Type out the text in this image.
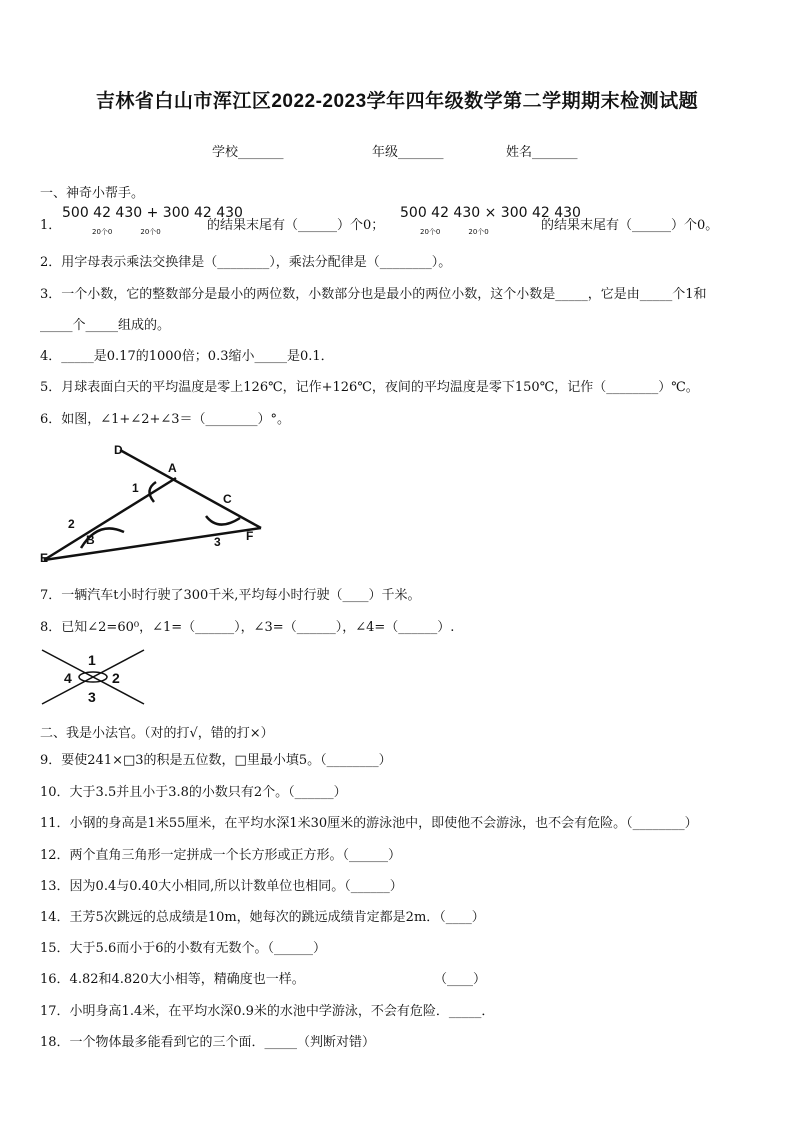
吉林省白山市浑江区2022-2023学年四年级数学第二学期期末检测试题
学校_______	年级_______	姓名_______
一、神奇小帮手。
1．
500 42 430 + 300 42 430
20个0　　　　20个0	的结果末尾有（______）个0；
500 42 430 × 300 42 430
20个0　　　　20个0	的结果末尾有（______）个0。
2．用字母表示乘法交换律是（________），乘法分配律是（________）。
3．一个小数，它的整数部分是最小的两位数，小数部分也是最小的两位小数，这个小数是_____，它是由_____个1和
_____个_____组成的。
4．_____是0.17的1000倍；0.3缩小_____是0.1．
5．月球表面白天的平均温度是零上126℃，记作+126℃，夜间的平均温度是零下150℃，记作（________）℃。
6．如图，∠1+∠2+∠3＝（________）°。
D
A
C
B
E
F
1
2
3
7．一辆汽车t小时行驶了300千米,平均每小时行驶（____）千米。
8．已知∠2=60⁰，∠1=（______），∠3=（______），∠4=（______）.
1
2
3
4
二、我是小法官。（对的打√，错的打×）
9．要使241×□3的积是五位数，□里最小填5。（________）
10．大于3.5并且小于3.8的小数只有2个。（______）
11．小钢的身高是1米55厘米，在平均水深1米30厘米的游泳池中，即使他不会游泳，也不会有危险。（________）
12．两个直角三角形一定拼成一个长方形或正方形。（______）
13．因为0.4与0.40大小相同,所以计数单位也相同。（______）
14．王芳5次跳远的总成绩是10m，她每次的跳远成绩肯定都是2m．（____）
15．大于5.6而小于6的小数有无数个。（______）
16．4.82和4.820大小相等，精确度也一样。	（____）
17．小明身高1.4米，在平均水深0.9米的水池中学游泳，不会有危险．_____．
18．一个物体最多能看到它的三个面．_____（判断对错）
